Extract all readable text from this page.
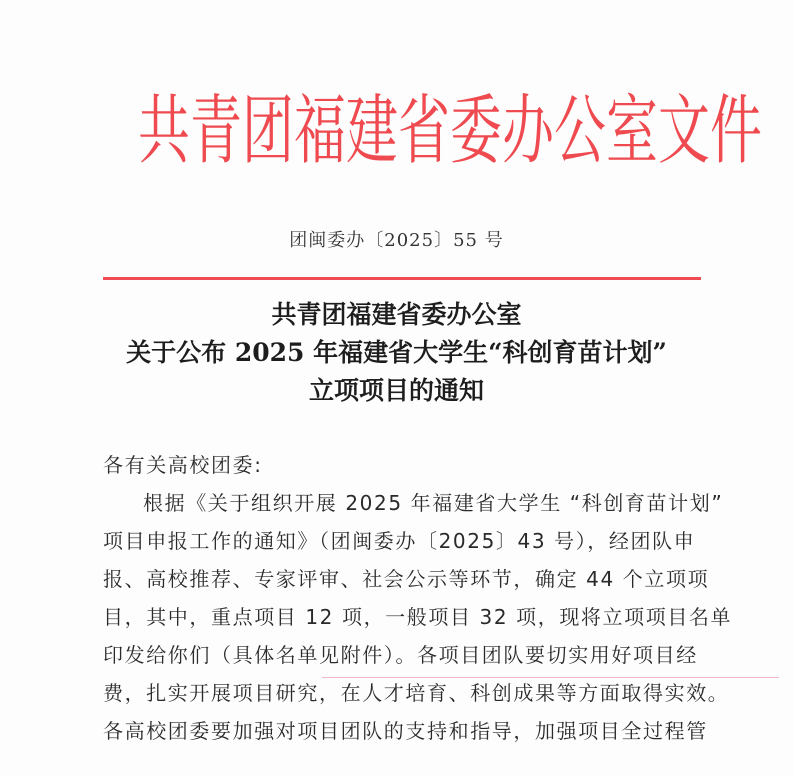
共 青 团 福 建 省 委 办 公 室 文 件
团闽委办〔2025〕55 号
共青团福建省委办公室
关于公布 2025 年福建省大学生“科创育苗计划”
立项项目的通知
各有关高校团委:
根据《关于组织开展 2025 年福建省大学生 “科创育苗计划”
项目申报工作的通知》（团闽委办〔2025〕43 号），经团队申
报、高校推荐、专家评审、社会公示等环节，确定 44 个立项项
目，其中，重点项目 12 项，一般项目 32 项，现将立项项目名单
印发给你们（具体名单见附件）。各项目团队要切实用好项目经
费，扎实开展项目研究，在人才培育、科创成果等方面取得实效。
各高校团委要加强对项目团队的支持和指导，加强项目全过程管
